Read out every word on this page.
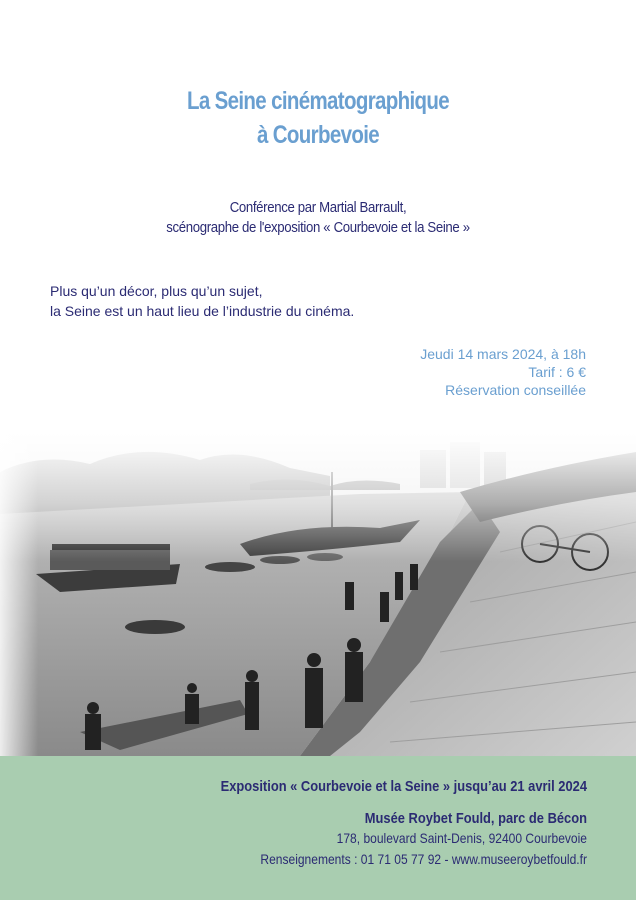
La Seine cinématographique
à Courbevoie
Conférence par Martial Barrault,
scénographe de l'exposition « Courbevoie et la Seine »
Plus qu’un décor, plus qu’un sujet,
la Seine est un haut lieu de l’industrie du cinéma.
Jeudi 14 mars 2024, à 18h
Tarif : 6 €
Réservation conseillée
Exposition « Courbevoie et la Seine » jusqu’au 21 avril 2024
Musée Roybet Fould, parc de Bécon
178, boulevard Saint-Denis, 92400 Courbevoie
Renseignements : 01 71 05 77 92 - www.museeroybetfould.fr
